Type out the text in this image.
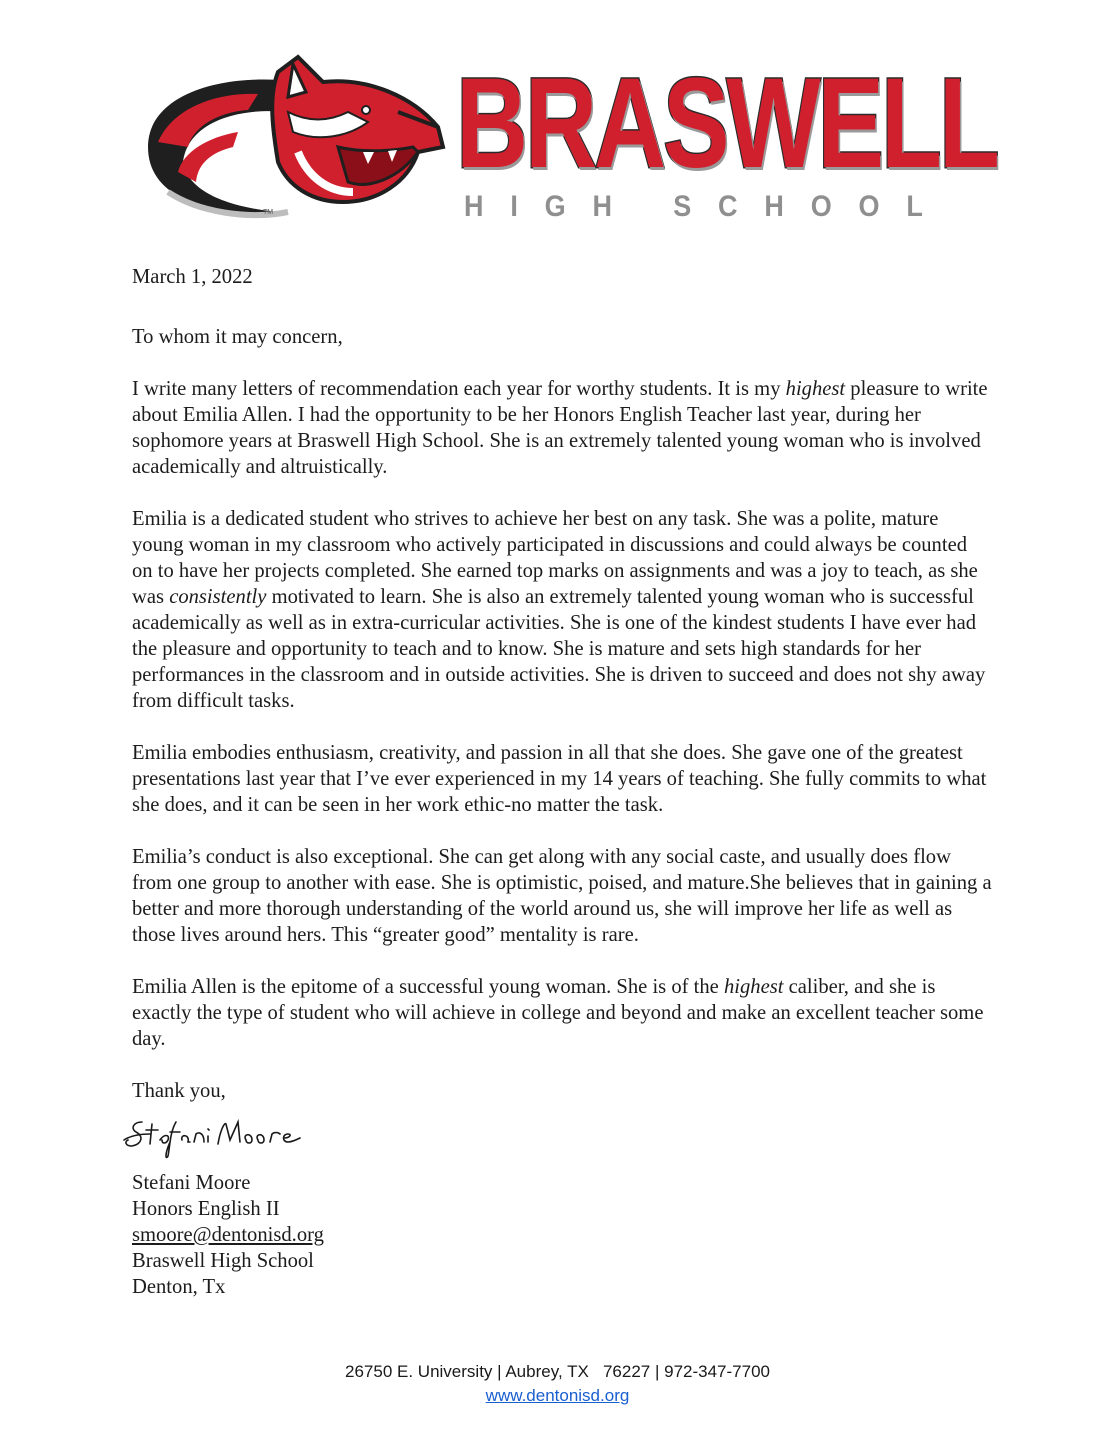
TM
BRASWELL
H I G H
S C H O O L

March 1, 2022

To whom it may concern,

I write many letters of recommendation each year for worthy students. It is my highest pleasure to write about Emilia Allen. I had the opportunity to be her Honors English Teacher last year, during her sophomore years at Braswell High School. She is an extremely talented young woman who is involved academically and altruistically.

Emilia is a dedicated student who strives to achieve her best on any task. She was a polite, mature young woman in my classroom who actively participated in discussions and could always be counted on to have her projects completed. She earned top marks on assignments and was a joy to teach, as she was consistently motivated to learn. She is also an extremely talented young woman who is successful academically as well as in extra-curricular activities. She is one of the kindest students I have ever had the pleasure and opportunity to teach and to know. She is mature and sets high standards for her performances in the classroom and in outside activities. She is driven to succeed and does not shy away from difficult tasks.

Emilia embodies enthusiasm, creativity, and passion in all that she does. She gave one of the greatest presentations last year that I’ve ever experienced in my 14 years of teaching. She fully commits to what she does, and it can be seen in her work ethic-no matter the task.

Emilia’s conduct is also exceptional. She can get along with any social caste, and usually does flow from one group to another with ease. She is optimistic, poised, and mature.She believes that in gaining a better and more thorough understanding of the world around us, she will improve her life as well as those lives around hers. This “greater good” mentality is rare.

Emilia Allen is the epitome of a successful young woman. She is of the highest caliber, and she is exactly the type of student who will achieve in college and beyond and make an excellent teacher some day.

Thank you,

Stefani Moore

Honors English II

smoore@dentonisd.org

Braswell High School

Denton, Tx

26750 E. University | Aubrey, TX   76227 | 972-347-7700
www.dentonisd.org
